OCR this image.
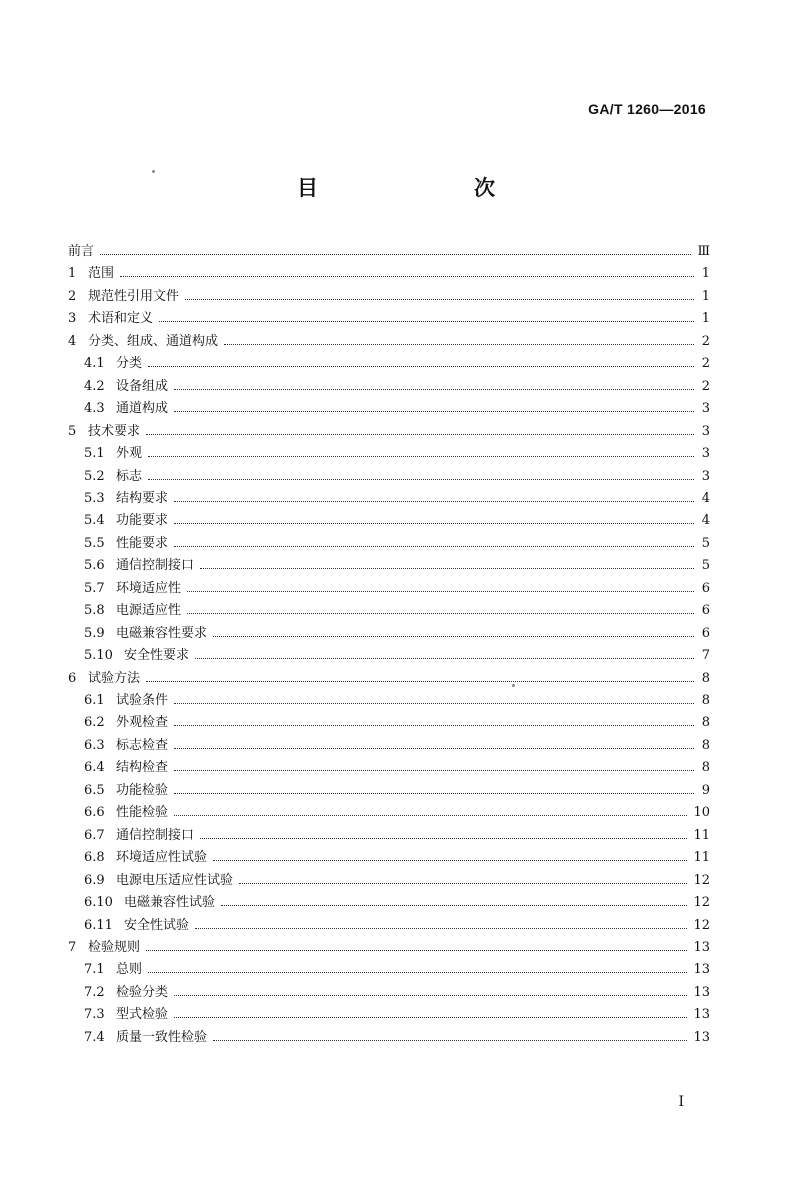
GA/T 1260—2016
目　　次
前言	Ⅲ
1 范围	1
2 规范性引用文件	1
3 术语和定义	1
4 分类、组成、通道构成	2
4.1 分类	2
4.2 设备组成	2
4.3 通道构成	3
5 技术要求	3
5.1 外观	3
5.2 标志	3
5.3 结构要求	4
5.4 功能要求	4
5.5 性能要求	5
5.6 通信控制接口	5
5.7 环境适应性	6
5.8 电源适应性	6
5.9 电磁兼容性要求	6
5.10 安全性要求	7
6 试验方法	8
6.1 试验条件	8
6.2 外观检查	8
6.3 标志检查	8
6.4 结构检查	8
6.5 功能检验	9
6.6 性能检验	10
6.7 通信控制接口	11
6.8 环境适应性试验	11
6.9 电源电压适应性试验	12
6.10 电磁兼容性试验	12
6.11 安全性试验	12
7 检验规则	13
7.1 总则	13
7.2 检验分类	13
7.3 型式检验	13
7.4 质量一致性检验	13
Ⅰ
